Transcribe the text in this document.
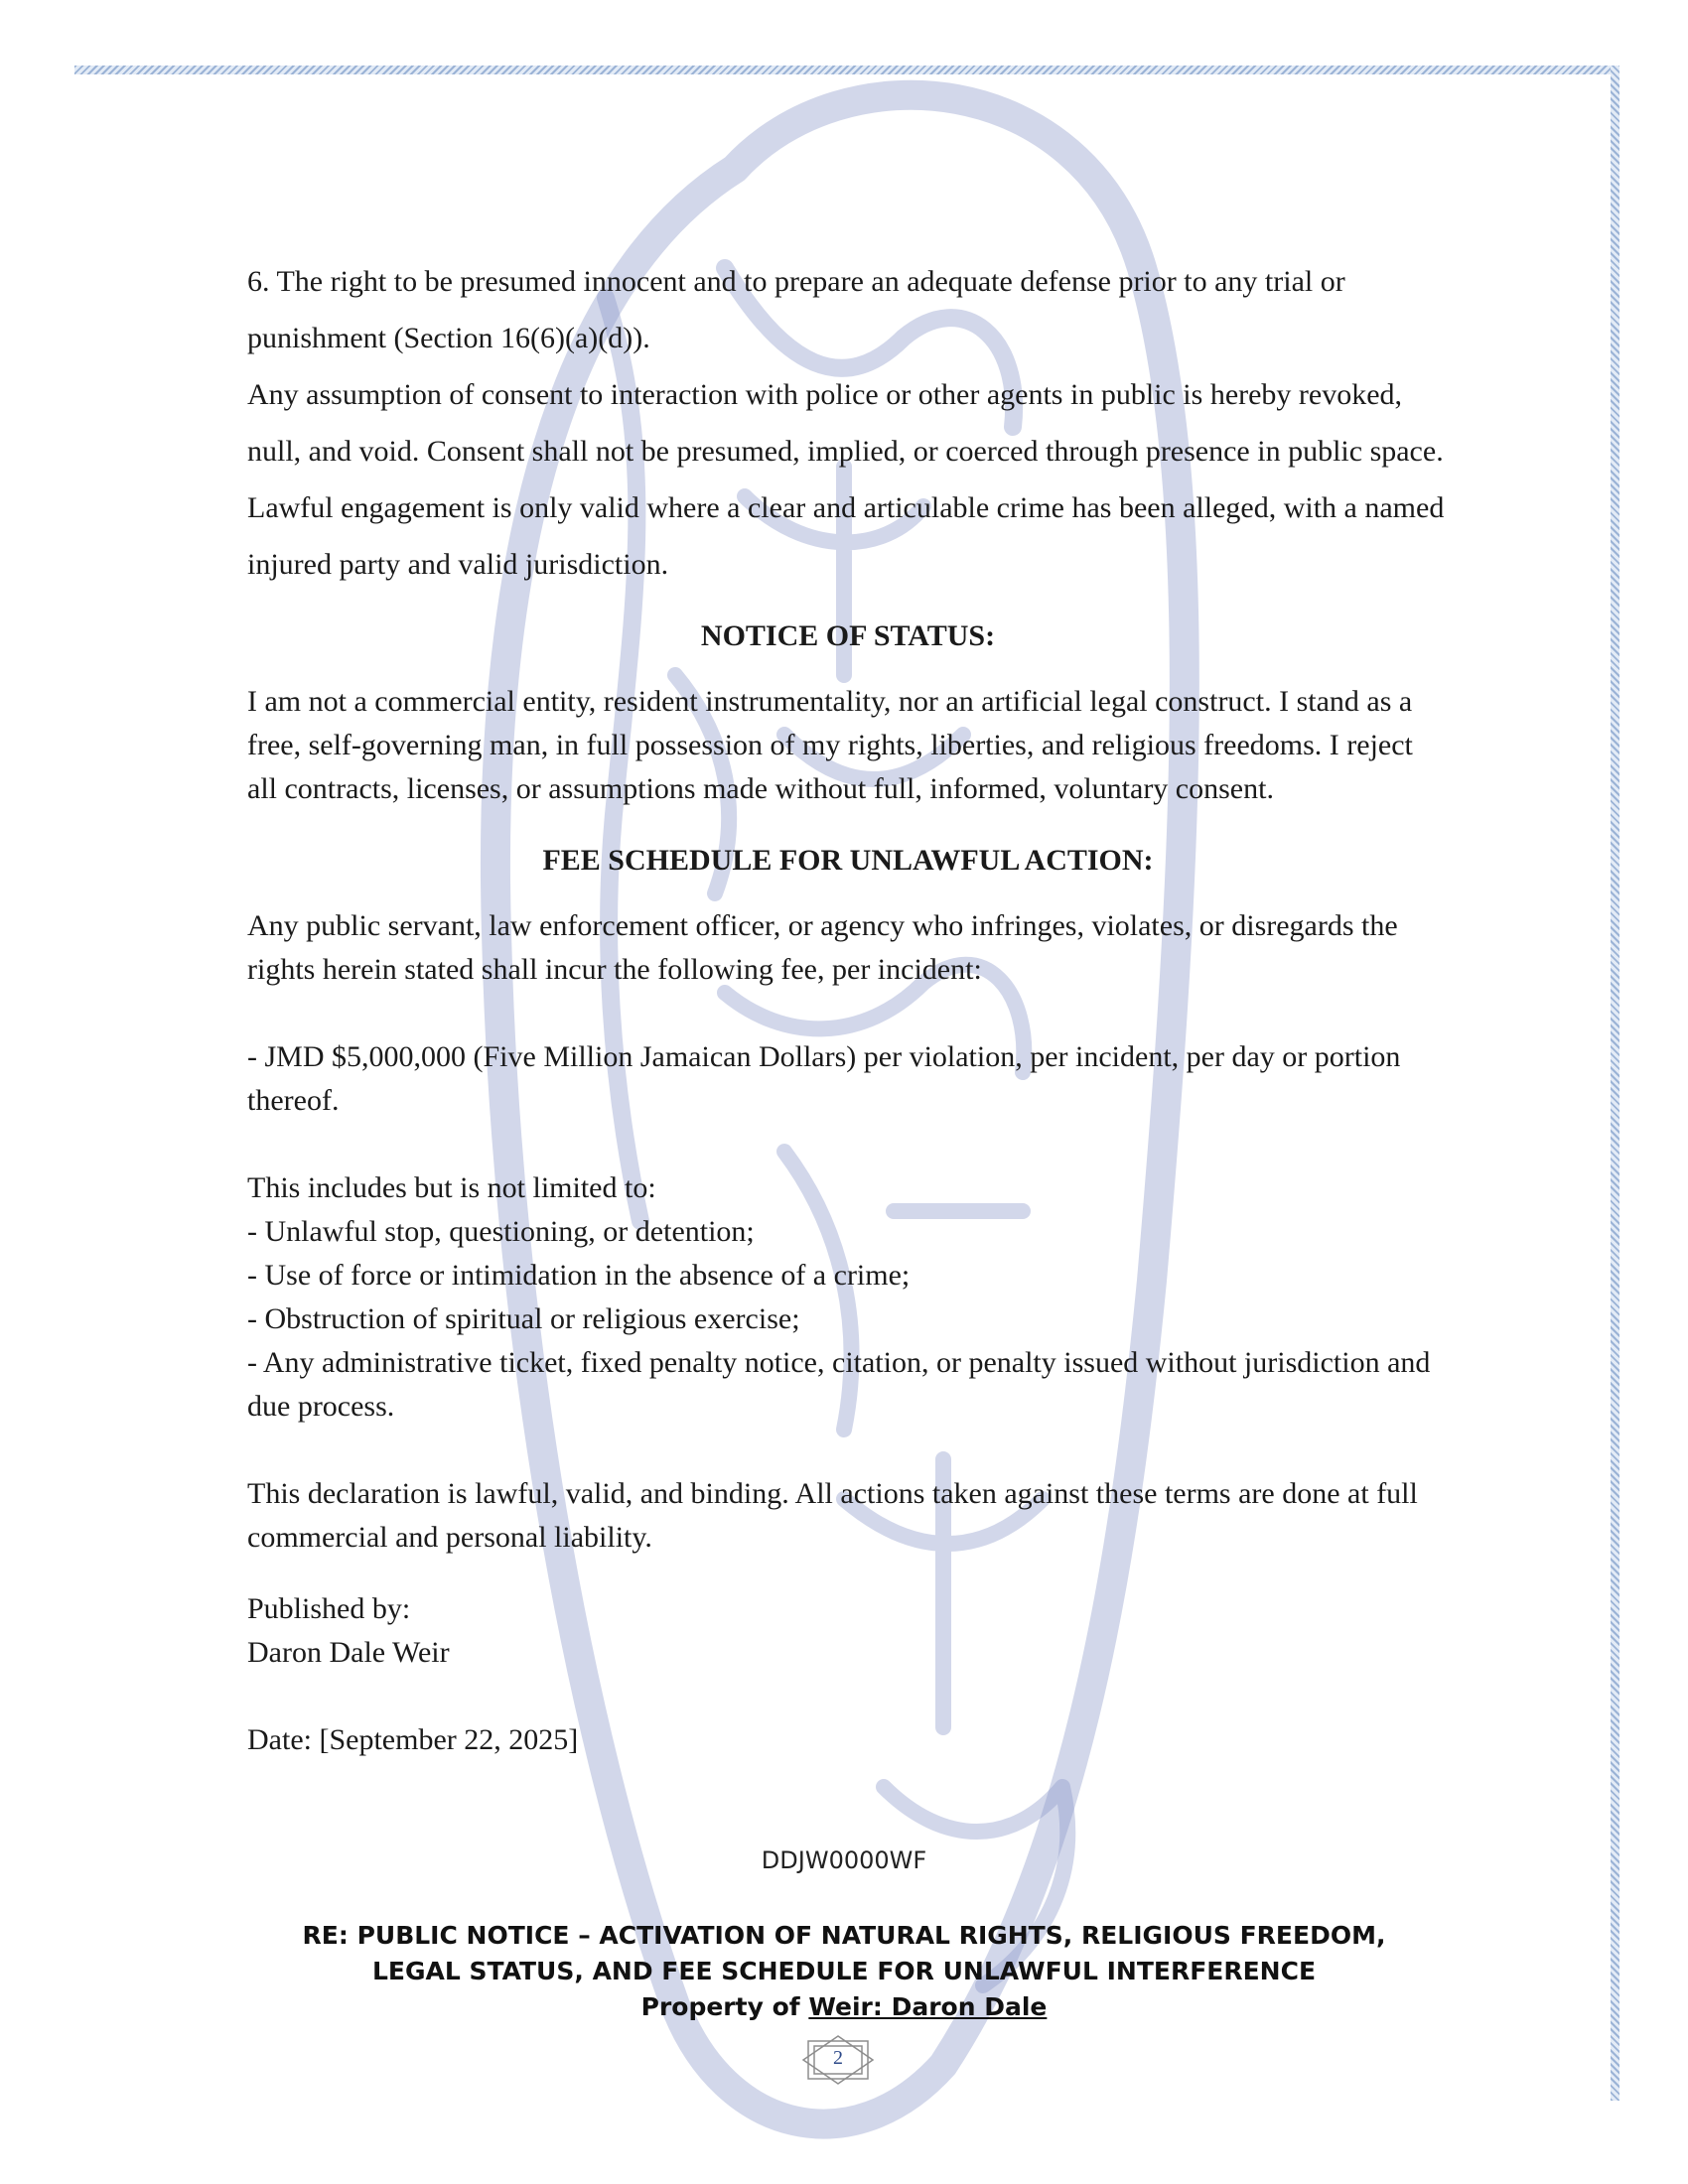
6. The right to be presumed innocent and to prepare an adequate defense prior to any trial or punishment (Section 16(6)(a)(d)).

Any assumption of consent to interaction with police or other agents in public is hereby revoked, null, and void. Consent shall not be presumed, implied, or coerced through presence in public space. Lawful engagement is only valid where a clear and articulable crime has been alleged, with a named injured party and valid jurisdiction.

NOTICE OF STATUS:

I am not a commercial entity, resident instrumentality, nor an artificial legal construct. I stand as a free, self-governing man, in full possession of my rights, liberties, and religious freedoms. I reject all contracts, licenses, or assumptions made without full, informed, voluntary consent.

FEE SCHEDULE FOR UNLAWFUL ACTION:

Any public servant, law enforcement officer, or agency who infringes, violates, or disregards the rights herein stated shall incur the following fee, per incident:

- JMD $5,000,000 (Five Million Jamaican Dollars) per violation, per incident, per day or portion thereof.

This includes but is not limited to:

- Unlawful stop, questioning, or detention;

- Use of force or intimidation in the absence of a crime;

- Obstruction of spiritual or religious exercise;

- Any administrative ticket, fixed penalty notice, citation, or penalty issued without jurisdiction and due process.

This declaration is lawful, valid, and binding. All actions taken against these terms are done at full commercial and personal liability.

Published by:

Daron Dale Weir

Date: [September 22, 2025]

DDJW0000WF
RE: PUBLIC NOTICE – ACTIVATION OF NATURAL RIGHTS, RELIGIOUS FREEDOM,
LEGAL STATUS, AND FEE SCHEDULE FOR UNLAWFUL INTERFERENCE
Property of Weir: Daron Dale
2
